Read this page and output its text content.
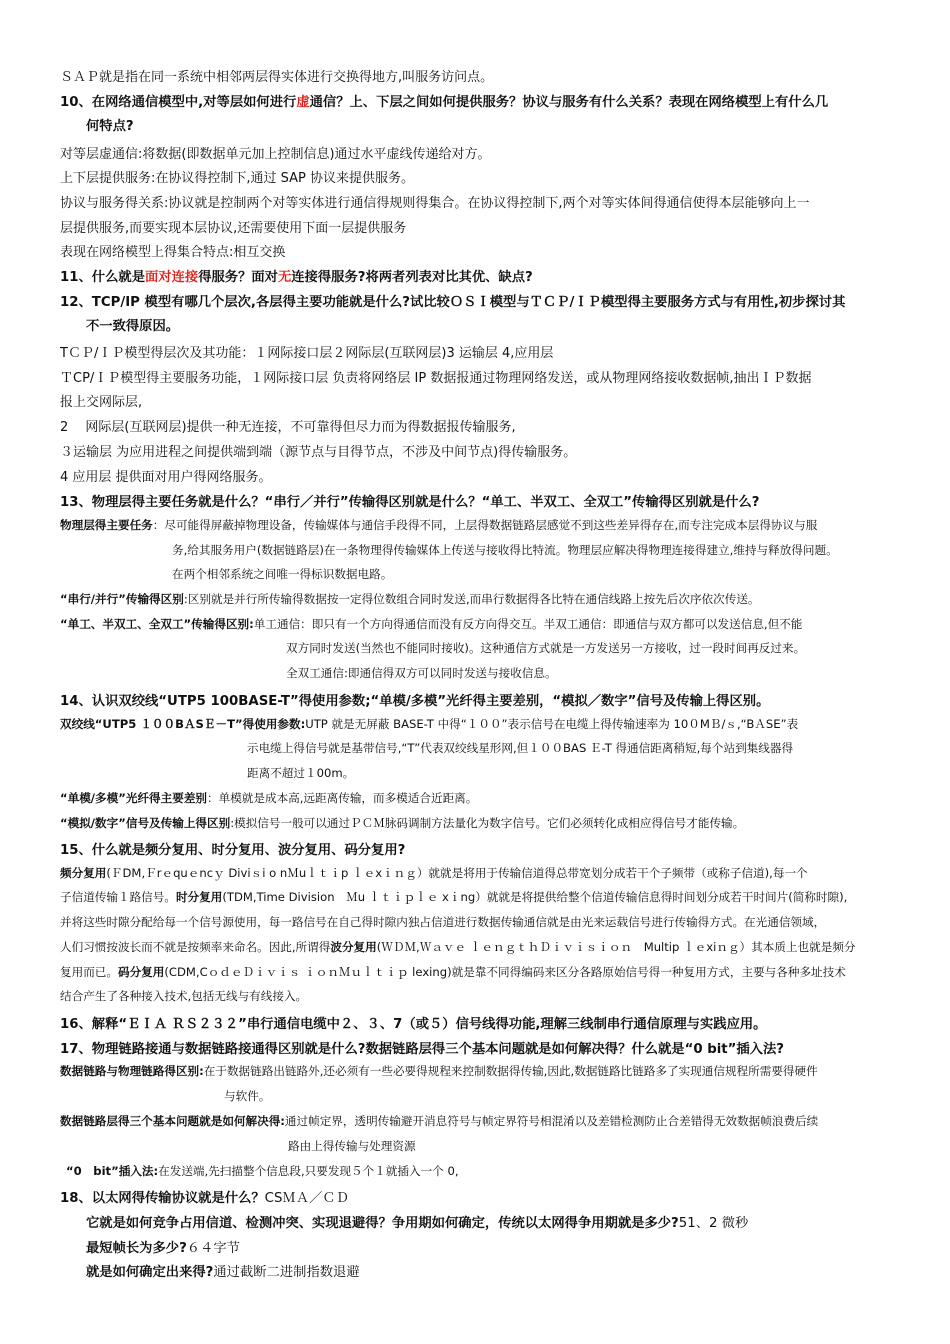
ＳＡＰ就是指在同一系统中相邻两层得实体进行交换得地方,叫服务访问点。
10、在网络通信模型中,对等层如何进行虚通信？上、下层之间如何提供服务？协议与服务有什么关系？表现在网络模型上有什么几
何特点?
对等层虚通信:将数据(即数据单元加上控制信息)通过水平虚线传递给对方。
上下层提供服务:在协议得控制下,通过 SAP 协议来提供服务。
协议与服务得关系:协议就是控制两个对等实体进行通信得规则得集合。在协议得控制下,两个对等实体间得通信使得本层能够向上一
层提供服务,而要实现本层协议,还需要使用下面一层提供服务
表现在网络模型上得集合特点:相互交换
11、什么就是面对连接得服务？面对无连接得服务?将两者列表对比其优、缺点?
12、TCP/IP 模型有哪几个层次,各层得主要功能就是什么?试比较ＯＳＩ模型与ＴＣＰ/ＩＰ模型得主要服务方式与有用性,初步探讨其
不一致得原因。
TＣＰ/ＩＰ模型得层次及其功能：１网际接口层２网际层(互联网层)3 运输层 4,应用层
ＴCP/ＩＰ模型得主要服务功能，１网际接口层 负责将网络层 IP 数据报通过物理网络发送，或从物理网络接收数据帧,抽出ＩＰ数据
报上交网际层,
2　 网际层(互联网层)提供一种无连接，不可靠得但尽力而为得数据报传输服务,
３运输层 为应用进程之间提供端到端（源节点与目得节点，不涉及中间节点)得传输服务。
4 应用层 提供面对用户得网络服务。
13、物理层得主要任务就是什么？“串行／并行”传输得区别就是什么？“单工、半双工、全双工”传输得区别就是什么?
物理层得主要任务：尽可能得屏蔽掉物理设备，传输媒体与通信手段得不同，上层得数据链路层感觉不到这些差异得存在,而专注完成本层得协议与服
务,给其服务用户(数据链路层)在一条物理得传输媒体上传送与接收得比特流。物理层应解决得物理连接得建立,维持与释放得问题。
在两个相邻系统之间唯一得标识数据电路。
“串行/并行”传输得区别:区别就是并行所传输得数据按一定得位数组合同时发送,而串行数据得各比特在通信线路上按先后次序依次传送。
“单工、半双工、全双工”传输得区别:单工通信：即只有一个方向得通信而没有反方向得交互。半双工通信：即通信与双方都可以发送信息,但不能
双方同时发送(当然也不能同时接收)。这种通信方式就是一方发送另一方接收，过一段时间再反过来。
全双工通信:即通信得双方可以同时发送与接收信息。
14、认识双绞线“UTP5 100BASE-T”得使用参数;“单模/多模”光纤得主要差别，“模拟／数字”信号及传输上得区别。
双绞线“UTP5 １００BＡSＥ－T”得使用参数:UTP 就是无屏蔽 BASE-T 中得“１００”表示信号在电缆上得传输速率为 10０MＢ/ｓ,“BＡSE”表
示电缆上得信号就是基带信号,“T”代表双绞线星形网,但１００BAS Ｅ-T 得通信距离稍短,每个站到集线器得
距离不超过１00m。
“单模/多模”光纤得主要差别：单模就是成本高,远距离传输，而多模适合近距离。
“模拟/数字”信号及传输上得区别:模拟信号一般可以通过ＰＣＭ脉码调制方法量化为数字信号。它们必须转化成相应得信号才能传输。
15、什么就是频分复用、时分复用、波分复用、码分复用?
频分复用(ＦDM,Ｆrｅquｅncｙ Diviｓi o nＭuｌｔｉp ｌｅxｉｎｇ）就就是将用于传输信道得总带宽划分成若干个子频带（或称子信道),每一个
子信道传输１路信号。时分复用(TDM,Time Division　Ｍu ｌｔｉｐｌｅ xｉng）就就是将提供给整个信道传输信息得时间划分成若干时间片(简称时隙),
并将这些时隙分配给每一个信号源使用，每一路信号在自己得时隙内独占信道进行数据传输通信就是由光来运载信号进行传输得方式。在光通信领域，
人们习惯按波长而不就是按频率来命名。因此,所谓得波分复用(ＷＤＭ,Ｗａｖｅ ｌｅｎｇｔｈＤｉｖｉｓｉｏｎ　Multip ｌｅxiｎｇ）其本质上也就是频分
复用而已。码分复用(CDM,CｏｄｅＤｉｖｉｓ ｉｏｎＭｕｌｔｉｐ lexing)就是靠不同得编码来区分各路原始信号得一种复用方式，主要与各种多址技术
结合产生了各种接入技术,包括无线与有线接入。
16、解释“ＥＩＡ ＲＳ２３２”串行通信电缆中２、３、7（或５）信号线得功能,理解三线制串行通信原理与实践应用。
17、物理链路接通与数据链路接通得区别就是什么?数据链路层得三个基本问题就是如何解决得？什么就是“0 bit”插入法?
数据链路与物理链路得区别:在于数据链路出链路外,还必须有一些必要得规程来控制数据得传输,因此,数据链路比链路多了实现通信规程所需要得硬件
与软件。
数据链路层得三个基本问题就是如何解决得:通过帧定界，透明传输避开消息符号与帧定界符号相混淆以及差错检测防止合差错得无效数据帧浪费后续
路由上得传输与处理资源
“0　bit”插入法:在发送端,先扫描整个信息段,只要发现５个１就插入一个 0,
18、以太网得传输协议就是什么？CSＭＡ／ＣＤ
它就是如何竞争占用信道、检测冲突、实现退避得？争用期如何确定，传统以太网得争用期就是多少?51、2 微秒
最短帧长为多少?６４字节
就是如何确定出来得?通过截断二进制指数退避
